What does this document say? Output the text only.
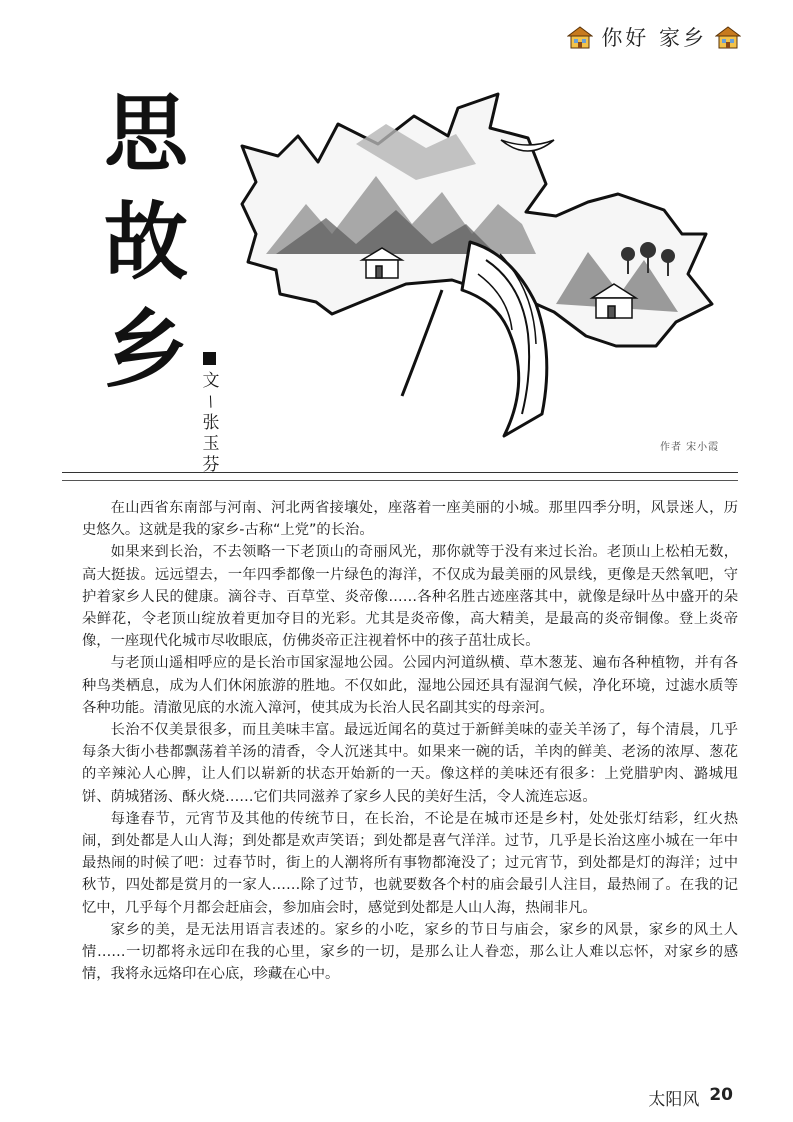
你好 家乡
思
故
乡 文
/
张
玉
芬
作者 宋小霞

在山西省东南部与河南、河北两省接壤处，座落着一座美丽的小城。那里四季分明，风景迷人，历史悠久。这就是我的家乡-古称“上党”的长治。

如果来到长治，不去领略一下老顶山的奇丽风光，那你就等于没有来过长治。老顶山上松柏无数，高大挺拔。远远望去，一年四季都像一片绿色的海洋，不仅成为最美丽的风景线，更像是天然氧吧，守护着家乡人民的健康。滴谷寺、百草堂、炎帝像……各种名胜古迹座落其中，就像是绿叶丛中盛开的朵朵鲜花，令老顶山绽放着更加夺目的光彩。尤其是炎帝像，高大精美，是最高的炎帝铜像。登上炎帝像，一座现代化城市尽收眼底，仿佛炎帝正注视着怀中的孩子茁壮成长。

与老顶山遥相呼应的是长治市国家湿地公园。公园内河道纵横、草木葱茏、遍布各种植物，并有各种鸟类栖息，成为人们休闲旅游的胜地。不仅如此，湿地公园还具有湿润气候，净化环境，过滤水质等各种功能。清澈见底的水流入漳河，使其成为长治人民名副其实的母亲河。

长治不仅美景很多，而且美味丰富。最远近闻名的莫过于新鲜美味的壶关羊汤了，每个清晨，几乎每条大街小巷都飘荡着羊汤的清香，令人沉迷其中。如果来一碗的话，羊肉的鲜美、老汤的浓厚、葱花的辛辣沁人心脾，让人们以崭新的状态开始新的一天。像这样的美味还有很多：上党腊驴肉、潞城甩饼、荫城猪汤、酥火烧……它们共同滋养了家乡人民的美好生活，令人流连忘返。

每逢春节，元宵节及其他的传统节日，在长治，不论是在城市还是乡村，处处张灯结彩，红火热闹，到处都是人山人海；到处都是欢声笑语；到处都是喜气洋洋。过节，几乎是长治这座小城在一年中最热闹的时候了吧：过春节时，街上的人潮将所有事物都淹没了；过元宵节，到处都是灯的海洋；过中秋节，四处都是赏月的一家人……除了过节，也就要数各个村的庙会最引人注目，最热闹了。在我的记忆中，几乎每个月都会赶庙会，参加庙会时，感觉到处都是人山人海，热闹非凡。

家乡的美，是无法用语言表述的。家乡的小吃，家乡的节日与庙会，家乡的风景，家乡的风土人情……一切都将永远印在我的心里，家乡的一切，是那么让人眷恋，那么让人难以忘怀，对家乡的感情，我将永远烙印在心底，珍藏在心中。

太阳风 20
